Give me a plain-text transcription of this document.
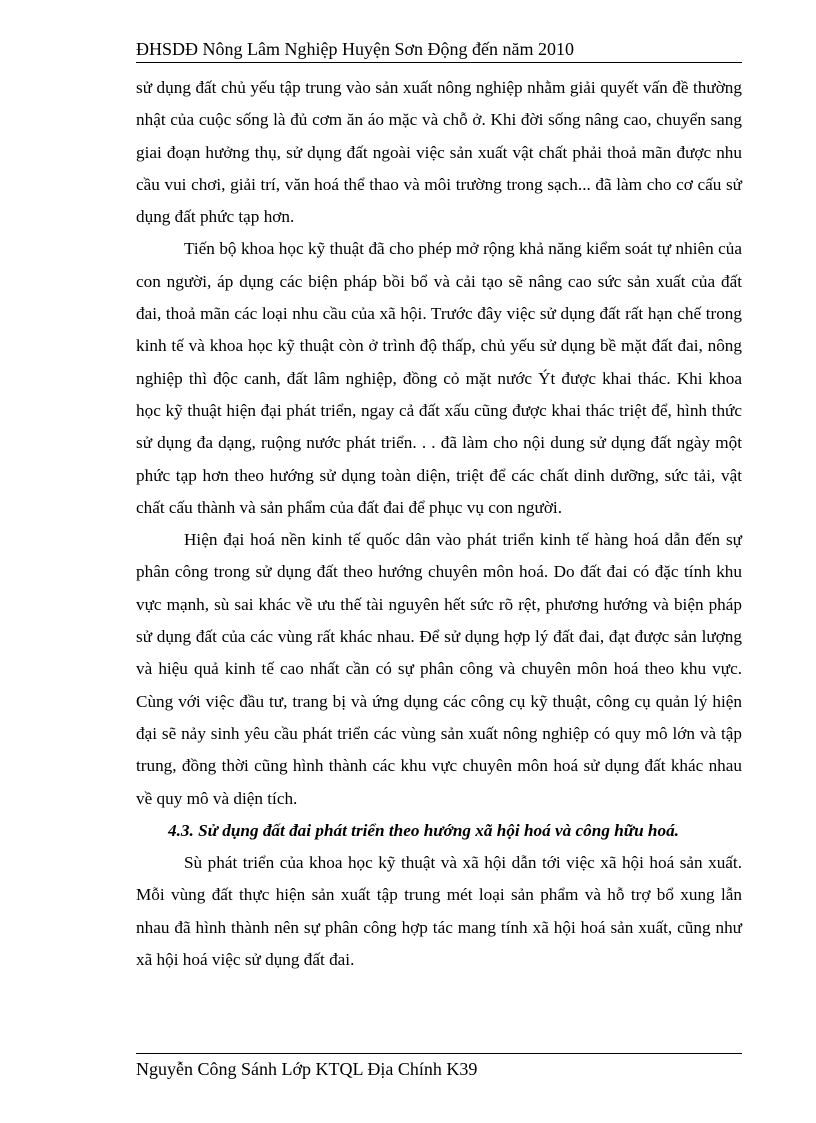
ĐHSDĐ Nông Lâm Nghiệp Huyện Sơn Động đến năm 2010

sử dụng đất chủ yếu tập trung vào sản xuất nông nghiệp nhằm giải quyết vấn đề thường nhật của cuộc sống là đủ cơm ăn áo mặc và chỗ ở. Khi đời sống nâng cao, chuyển sang giai đoạn hưởng thụ, sử dụng đất ngoài việc sản xuất vật chất phải thoả mãn được nhu cầu vui chơi, giải trí, văn hoá thể thao và môi trường trong sạch... đã làm cho cơ cấu sử dụng đất phức tạp hơn.

Tiến bộ khoa học kỹ thuật đã cho phép mở rộng khả năng kiểm soát tự nhiên của con người, áp dụng các biện pháp bồi bổ và cải tạo sẽ nâng cao sức sản xuất của đất đai, thoả mãn các loại nhu cầu của xã hội. Trước đây việc sử dụng đất rất hạn chế trong kinh tế và khoa học kỹ thuật còn ở trình độ thấp, chủ yếu sử dụng bề mặt đất đai, nông nghiệp thì độc canh, đất lâm nghiệp, đồng cỏ mặt nước Ýt được khai thác. Khi khoa học kỹ thuật hiện đại phát triển, ngay cả đất xấu cũng được khai thác triệt để, hình thức sử dụng đa dạng, ruộng nước phát triển. . . đã làm cho nội dung sử dụng đất ngày một phức tạp hơn theo hướng sử dụng toàn diện, triệt để các chất dinh dưỡng, sức tải, vật chất cấu thành và sản phẩm của đất đai để phục vụ con người.

Hiện đại hoá nền kinh tế quốc dân vào phát triển kinh tế hàng hoá dẫn đến sự phân công trong sử dụng đất theo hướng chuyên môn hoá. Do đất đai có đặc tính khu vực mạnh, sù sai khác về ưu thế tài nguyên hết sức rõ rệt, phương hướng và biện pháp sử dụng đất của các vùng rất khác nhau. Để sử dụng hợp lý đất đai, đạt được sản lượng và hiệu quả kinh tế cao nhất cần có sự phân công và chuyên môn hoá theo khu vực. Cùng với việc đầu tư, trang bị và ứng dụng các công cụ kỹ thuật, công cụ quản lý hiện đại sẽ nảy sinh yêu cầu phát triển các vùng sản xuất nông nghiệp có quy mô lớn và tập trung, đồng thời cũng hình thành các khu vực chuyên môn hoá sử dụng đất khác nhau về quy mô và diện tích.

4.3. Sử dụng đất đai phát triển theo hướng xã hội hoá và công hữu hoá.

Sù phát triển của khoa học kỹ thuật và xã hội dẫn tới việc xã hội hoá sản xuất. Mỗi vùng đất thực hiện sản xuất tập trung mét loại sản phẩm và hỗ trợ bổ xung lẫn nhau đã hình thành nên sự phân công hợp tác mang tính xã hội hoá sản xuất, cũng như xã hội hoá việc sử dụng đất đai.

Nguyễn Công Sánh Lớp KTQL Địa Chính K39
